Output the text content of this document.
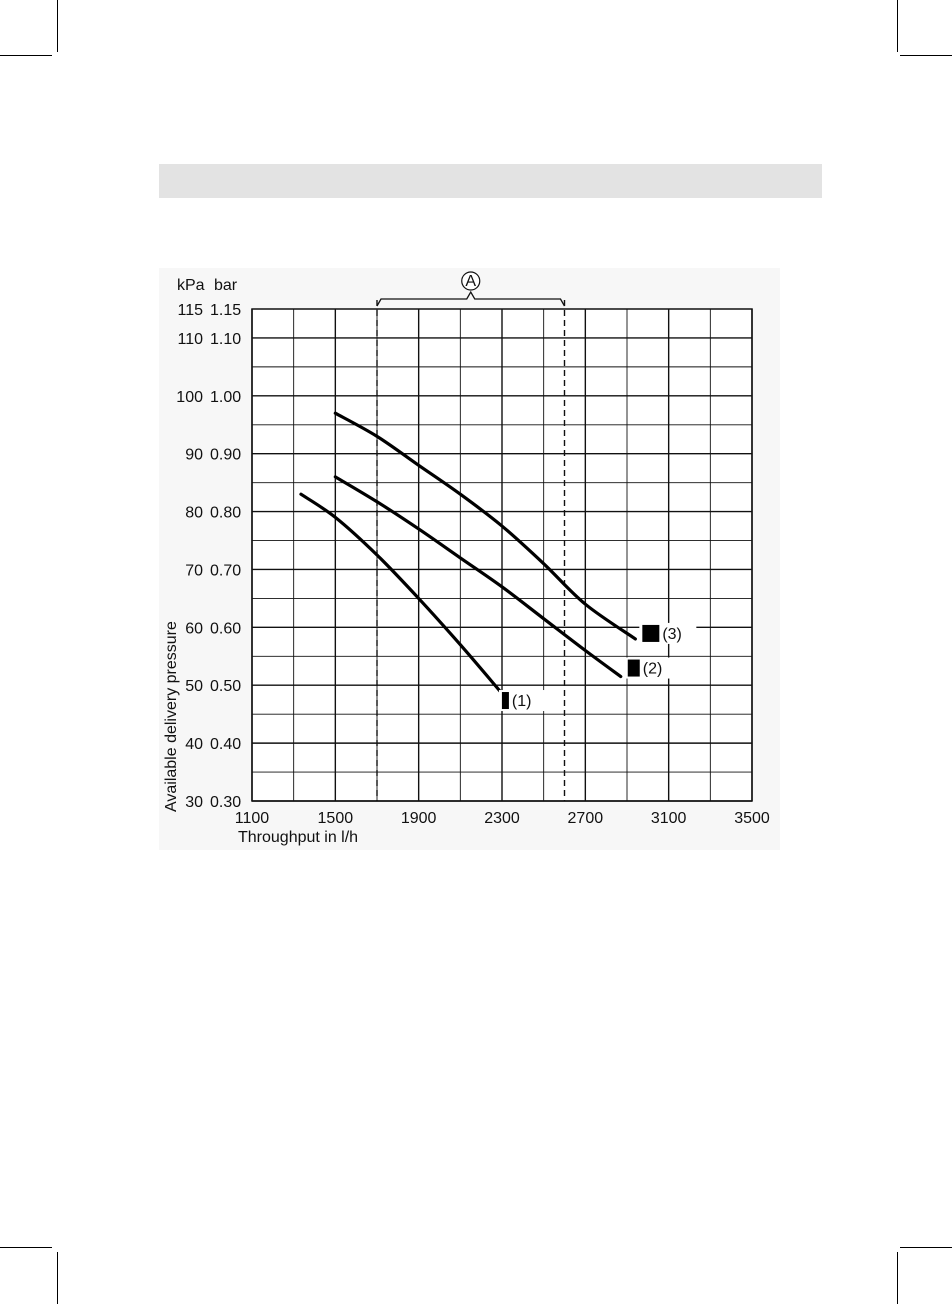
A
(1)
(2)
(3)
1100	1500	1900	2300	2700	3100	3500
30 0.30
40 0.40
50 0.50
60 0.60
70 0.70
80 0.80
90 0.90
100 1.00
110 1.10
115 1.15
kPa bar
Throughput in l/h
Available delivery pressure
